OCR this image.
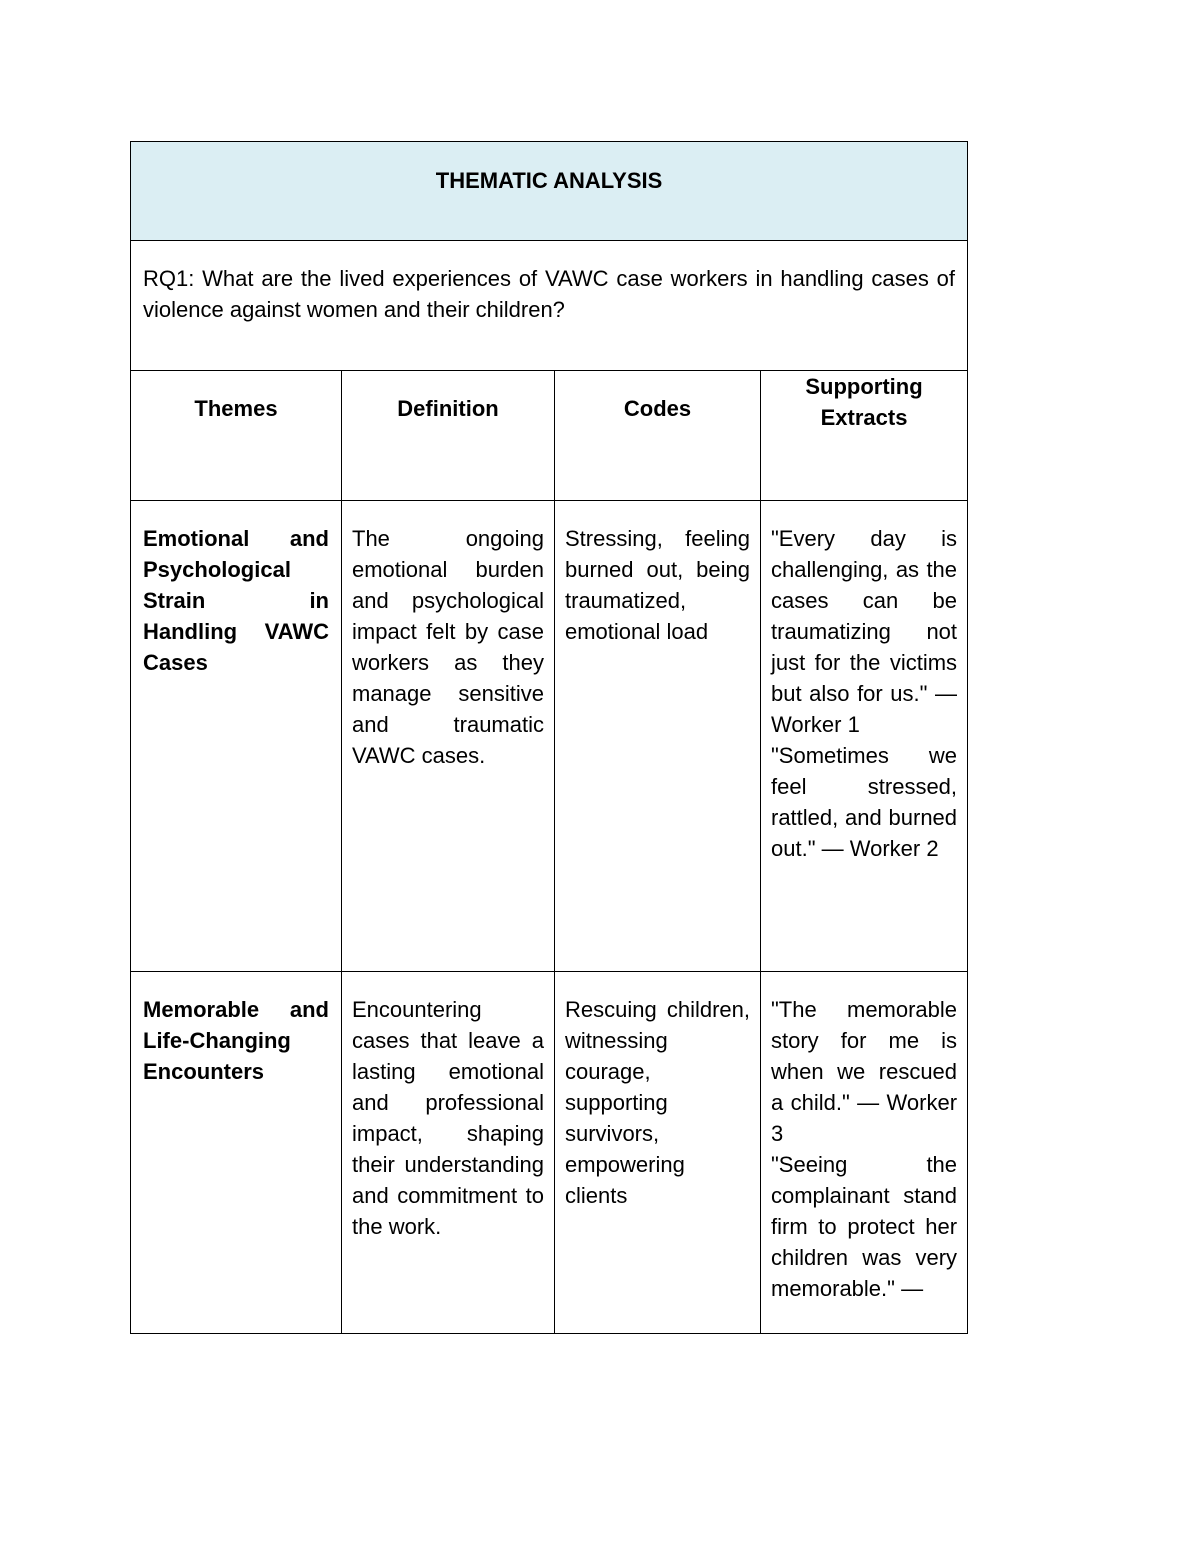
THEMATIC ANALYSIS			

RQ1: What are the lived experiences of VAWC case workers in handling cases of violence against women and their children?			

Themes	Definition	Codes	Supporting Extracts

Emotional and Psychological Strain in Handling VAWC Cases	The ongoing emotional burden and psychological impact felt by case workers as they manage sensitive and traumatic VAWC cases.	Stressing, feeling burned out, being traumatized, emotional load	"Every day is challenging, as the cases can be traumatizing not just for the victims but also for us." — Worker 1
"Sometimes we feel stressed, rattled, and burned out." — Worker 2

Memorable and Life-Changing Encounters	Encountering cases that leave a lasting emotional and professional impact, shaping their understanding and commitment to the work.	Rescuing children, witnessing courage, supporting survivors, empowering clients	"The memorable story for me is when we rescued a child." — Worker 3
"Seeing the complainant stand firm to protect her children was very memorable." —
